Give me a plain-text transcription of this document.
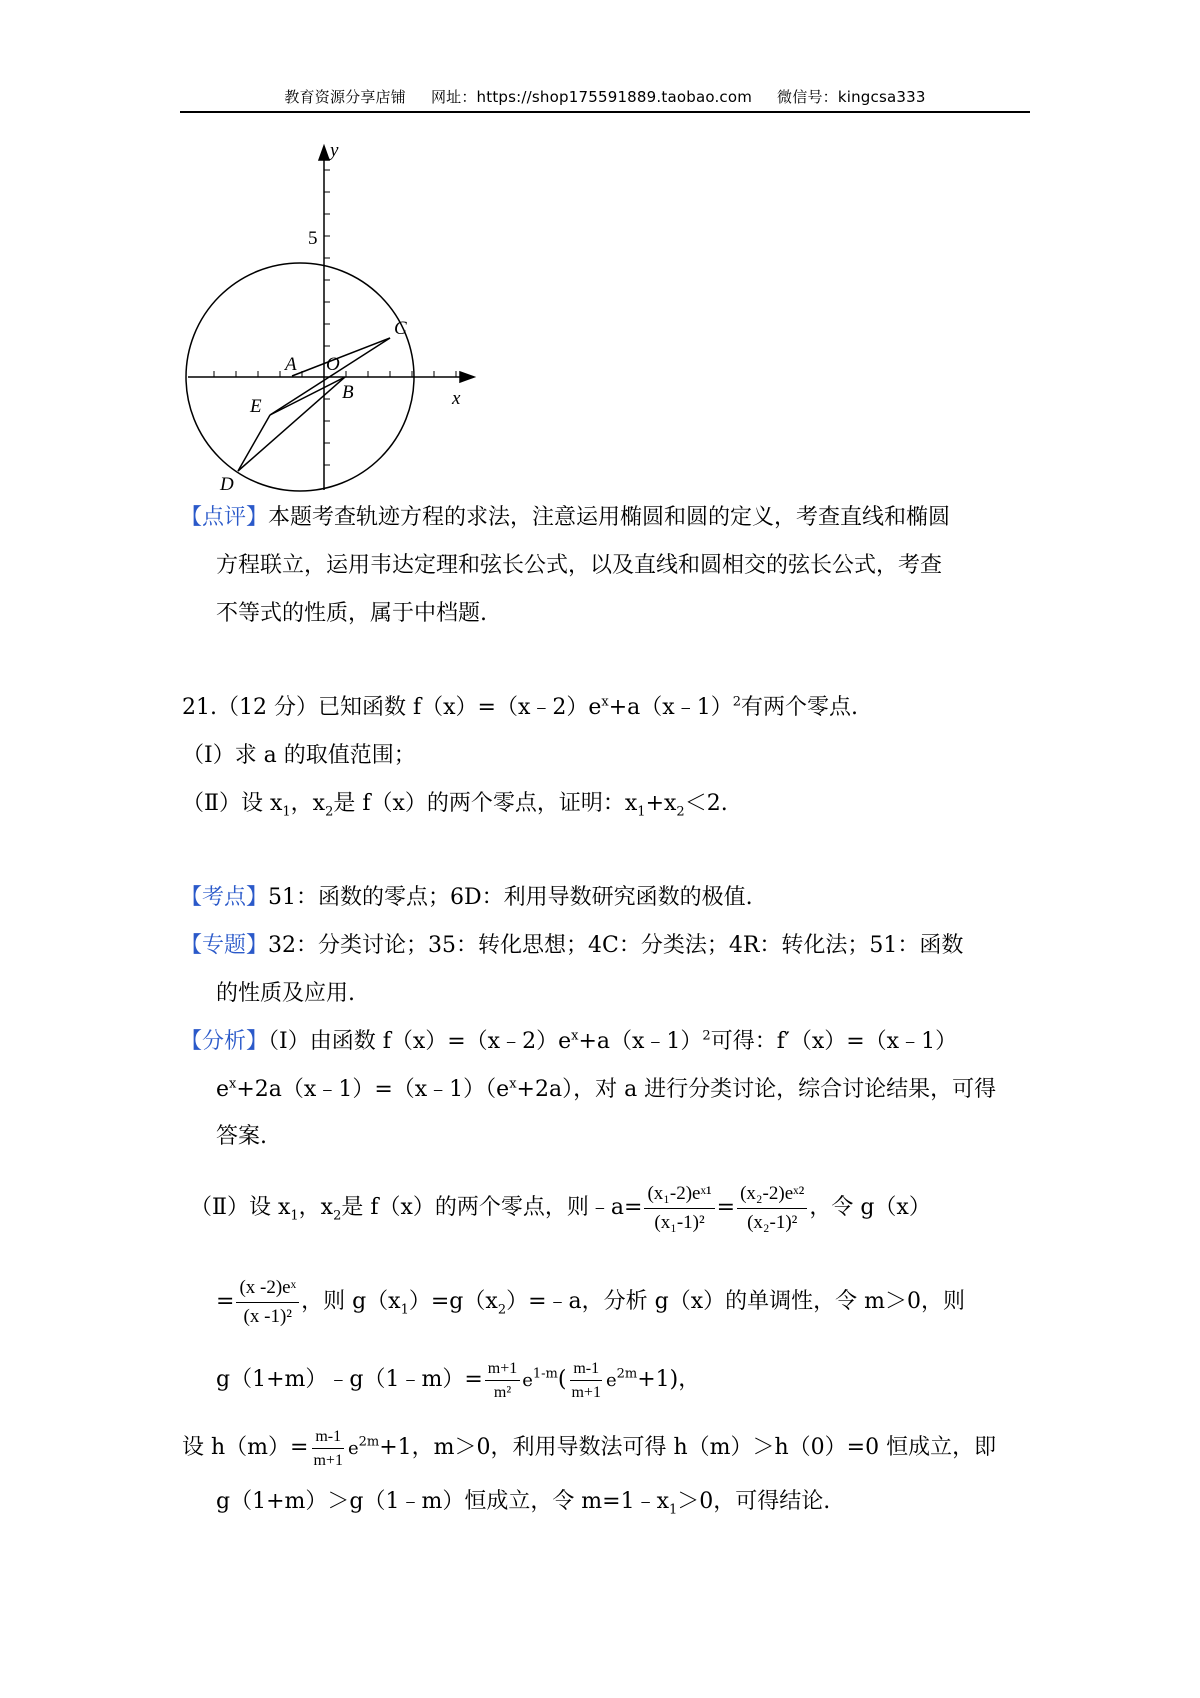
教育资源分享店铺 网址：https://shop175591889.taobao.com 微信号：kingcsa333
y
x
5
A O
B
C
D
E
【点评】本题考查轨迹方程的求法，注意运用椭圆和圆的定义，考查直线和椭圆
方程联立，运用韦达定理和弦长公式，以及直线和圆相交的弦长公式，考查
不等式的性质，属于中档题.
21.（12 分）已知函数 $f(x)=(x﹣2)e^x+a(x﹣1)^2$有两个零点.
（Ⅰ）求 a 的取值范围；
（Ⅱ）设 $x_1$，$x_2$是 f（x）的两个零点，证明：$x_1+x_2<2$.
【考点】51：函数的零点；6D：利用导数研究函数的极值.
【专题】32：分类讨论；35：转化思想；4C：分类法；4R：转化法；51：函数
的性质及应用.
【分析】（Ⅰ）由函数 $f(x)=(x﹣2)e^x+a(x﹣1)^2$可得：f′（x）=（x﹣1）
$e^x+2a(x﹣1)=(x﹣1)(e^x+2a)$，对 a 进行分类讨论，综合讨论结果，可得
答案.
（Ⅱ）设 $x_1$，$x_2$是 f（x）的两个零点，则﹣a= $\frac{\text{(x₁-2)eˣ¹}}{\text{(x₁-1)²}} = \frac{\text{(x₂-2)eˣ²}}{\text{(x₂-1)²}}$ ，令 g（x）
= $\frac{\text{(x -2)eˣ}}{\text{(x -1)²}}$ ，则 $g(x_1)=g(x_2)=﹣a$，分析 g（x）的单调性，令 m＞0，则
g（1+m）﹣g（1﹣m）= $\frac{m+1}{\text{m²}} e^{1-m}( \frac{m-1}{m+1} e^{2m}+1)$，
设 $h(m)= \frac{m-1}{m+1} e^{2m}+1$，m＞0，利用导数法可得 h（m）＞h（0）=0 恒成立，即
g（1+m）＞g（1﹣m）恒成立，令 $m=1﹣x_1>0$，可得结论.
